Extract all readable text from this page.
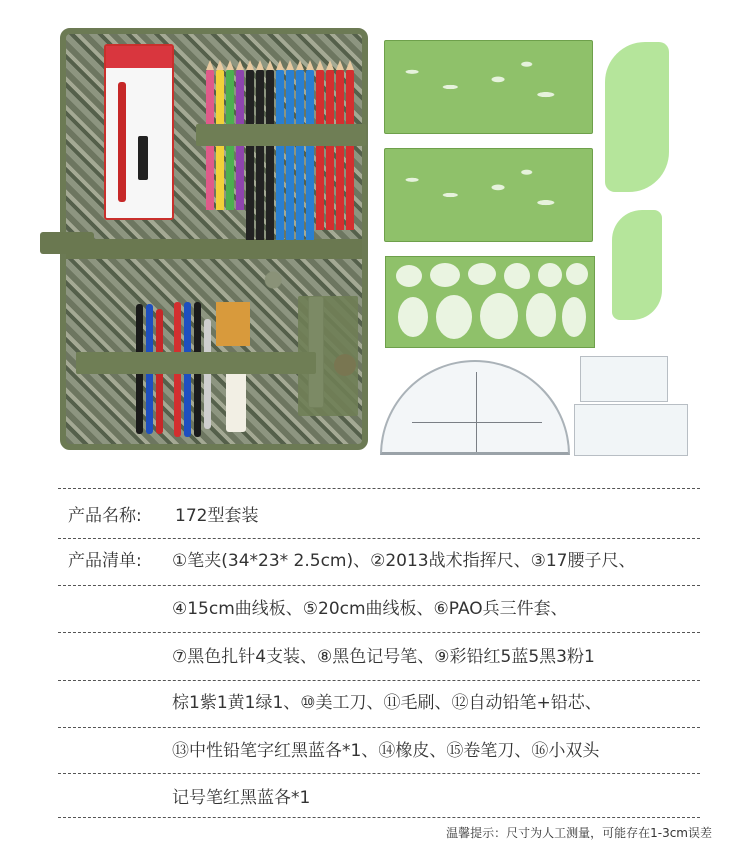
产品名称: 172型套装
产品清单: ①笔夹(34*23* 2.5cm)、②2013战术指挥尺、③17腰子尺、
④15cm曲线板、⑤20cm曲线板、⑥PAO兵三件套、
⑦黑色扎针4支装、⑧黑色记号笔、⑨彩铅红5蓝5黑3粉1
棕1紫1黄1绿1、⑩美工刀、⑪毛刷、⑫自动铅笔+铅芯、
⑬中性铅笔字红黑蓝各*1、⑭橡皮、⑮卷笔刀、⑯小双头
记号笔红黑蓝各*1
温馨提示：尺寸为人工测量，可能存在1-3cm误差
